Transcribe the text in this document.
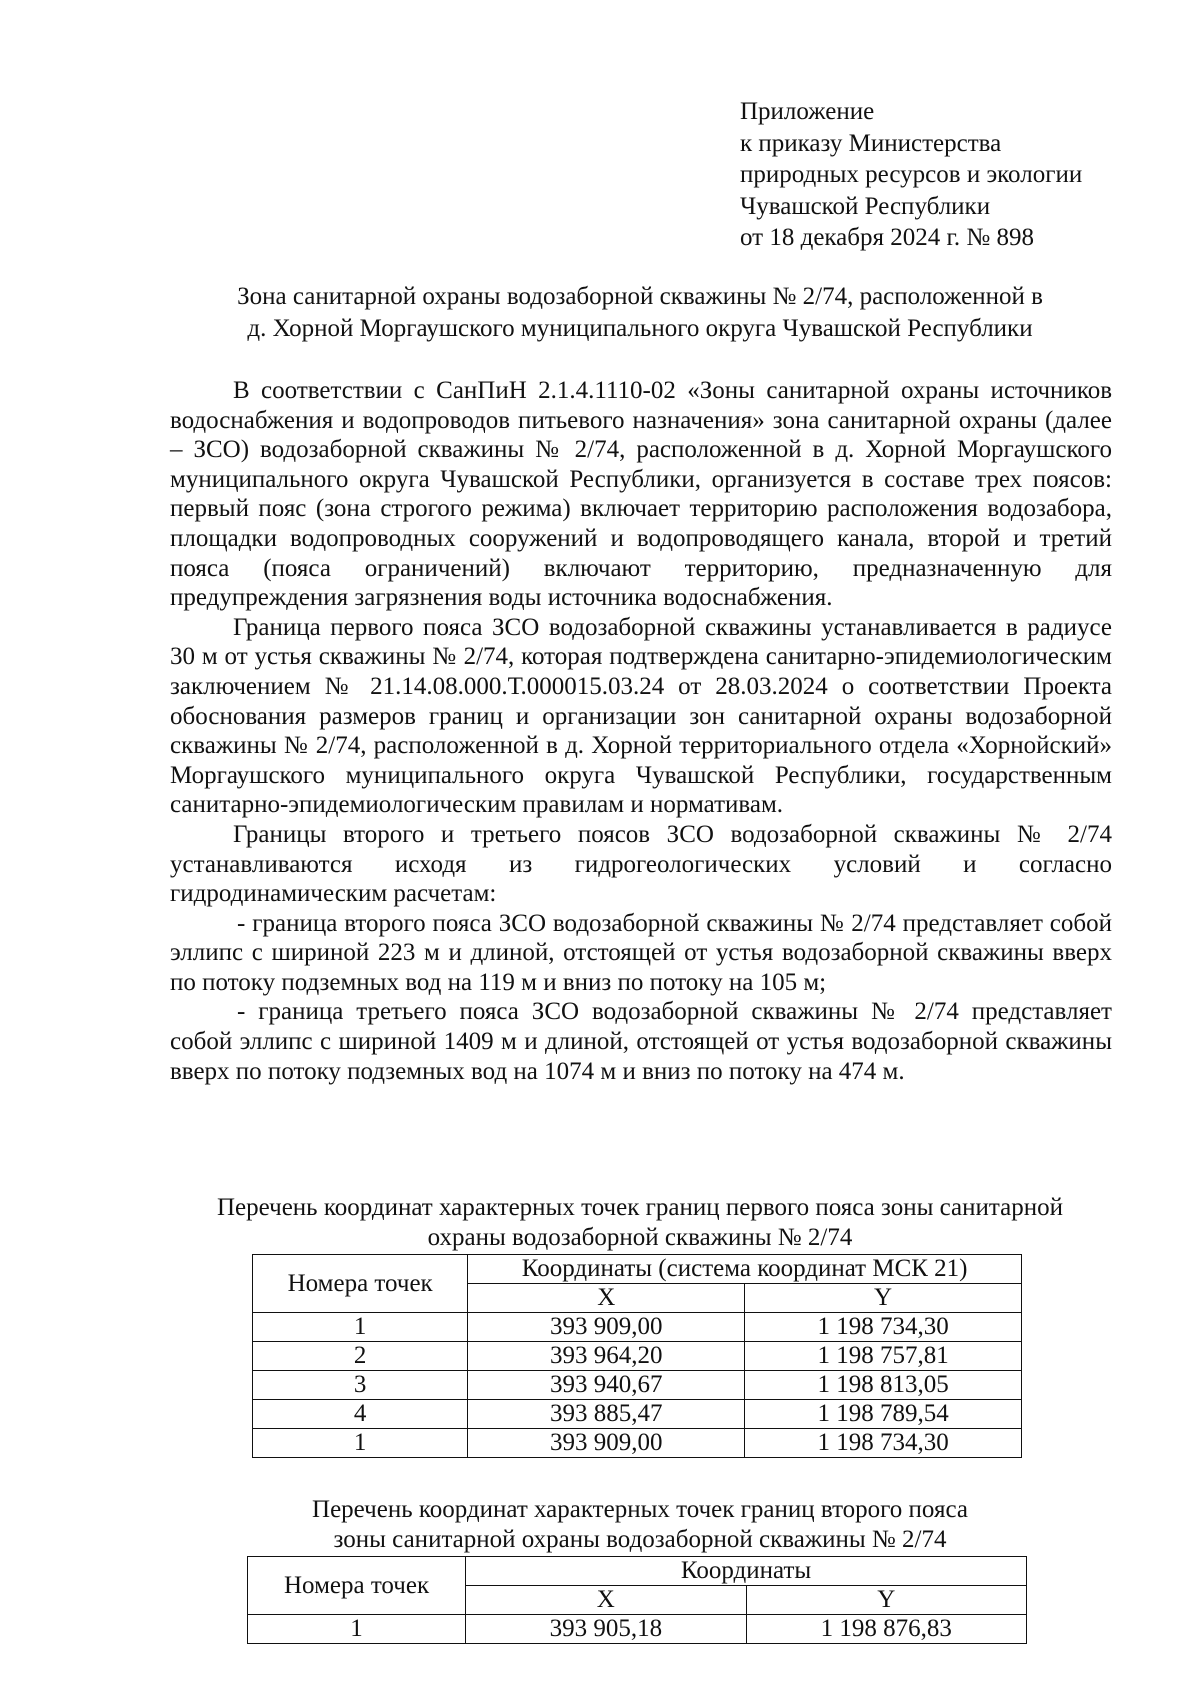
Приложение
к приказу Министерства
природных ресурсов и экологии
Чувашской Республики
от 18 декабря 2024 г. № 898
Зона санитарной охраны водозаборной скважины № 2/74, расположенной в
д. Хорной Моргаушского муниципального округа Чувашской Республики

В соответствии с СанПиН 2.1.4.1110-02 «Зоны санитарной охраны источников водоснабжения и водопроводов питьевого назначения» зона санитарной охраны (далее – ЗСО) водозаборной скважины № 2/74, расположенной в д. Хорной Моргаушского муниципального округа Чувашской Республики, организуется в составе трех поясов: первый пояс (зона строгого режима) включает территорию расположения водозабора, площадки водопроводных сооружений и водопроводящего канала, второй и третий пояса (пояса ограничений) включают территорию, предназначенную для предупреждения загрязнения воды источника водоснабжения.

Граница первого пояса ЗСО водозаборной скважины устанавливается в радиусе 30 м от устья скважины № 2/74, которая подтверждена санитарно-эпидемиологическим заключением № 21.14.08.000.Т.000015.03.24 от 28.03.2024 о соответствии Проекта обоснования размеров границ и организации зон санитарной охраны водозаборной скважины № 2/74, расположенной в д. Хорной территориального отдела «Хорнойский» Моргаушского муниципального округа Чувашской Республики, государственным санитарно-эпидемиологическим правилам и нормативам.

Границы второго и третьего поясов ЗСО водозаборной скважины № 2/74 устанавливаются исходя из гидрогеологических условий и согласно гидродинамическим расчетам:

- граница второго пояса ЗСО водозаборной скважины № 2/74 представляет собой эллипс с шириной 223 м и длиной, отстоящей от устья водозаборной скважины вверх по потоку подземных вод на 119 м и вниз по потоку на 105 м;

- граница третьего пояса ЗСО водозаборной скважины № 2/74 представляет собой эллипс с шириной 1409 м и длиной, отстоящей от устья водозаборной скважины вверх по потоку подземных вод на 1074 м и вниз по потоку на 474 м.

Перечень координат характерных точек границ первого пояса зоны санитарной
охраны водозаборной скважины № 2/74
Номера точек	Координаты (система координат МСК 21)	
	X	Y
1	393 909,00	1 198 734,30
2	393 964,20	1 198 757,81
3	393 940,67	1 198 813,05
4	393 885,47	1 198 789,54
1	393 909,00	1 198 734,30
Перечень координат характерных точек границ второго пояса
зоны санитарной охраны водозаборной скважины № 2/74
Номера точек	Координаты	
	X	Y
1	393 905,18	1 198 876,83
